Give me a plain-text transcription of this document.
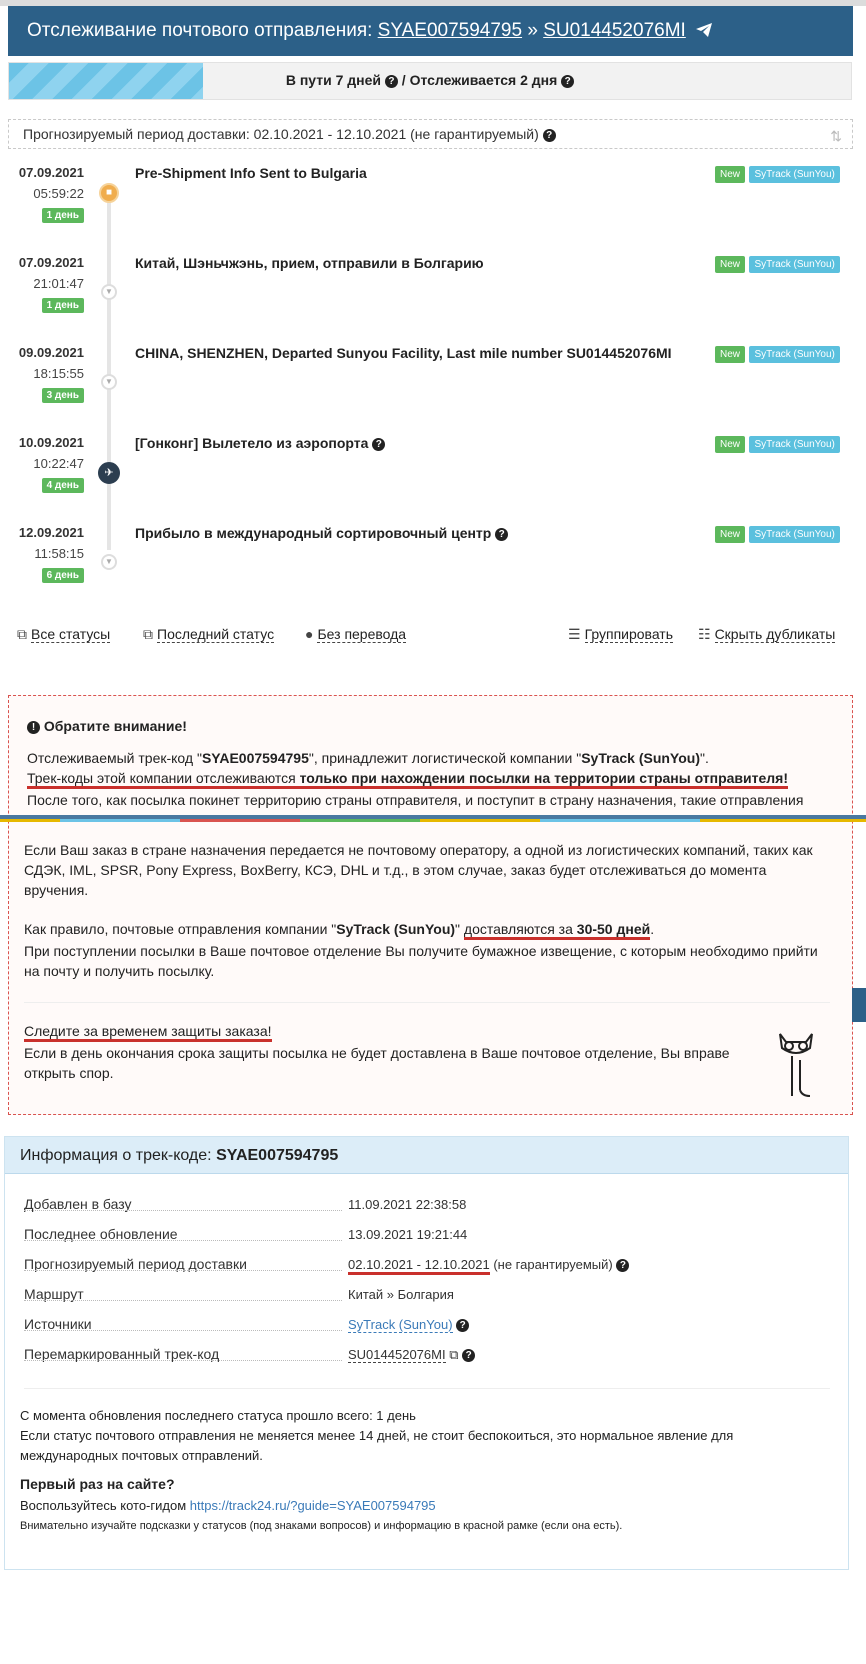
Отслеживание почтового отправления: SYAE007594795 » SU014452076MI
В пути 7 дней ? / Отслеживается 2 дня ?
Прогнозируемый период доставки: 02.10.2021 - 12.10.2021 (не гарантируемый) ?	⇅
07.09.2021
05:59:22
1 день
■
Pre-Shipment Info Sent to Bulgaria	New SyTrack (SunYou)
07.09.2021
21:01:47
1 день
▼
Китай, Шэньчжэнь, прием, отправили в Болгарию	New SyTrack (SunYou)
09.09.2021
18:15:55
3 день
▼
CHINA, SHENZHEN, Departed Sunyou Facility, Last mile number SU014452076MI	New SyTrack (SunYou)
10.09.2021
10:22:47
4 день
✈
[Гонконг] Вылетело из аэропорта ?	New SyTrack (SunYou)
12.09.2021
11:58:15
6 день
▼
Прибыло в международный сортировочный центр ?	New SyTrack (SunYou)
⧉ Все статусы ⧉ Последний статус ● Без перевода	☰ Группировать ☷ Скрыть дубликаты
! Обратите внимание!
Отслеживаемый трек-код "SYAE007594795", принадлежит логистической компании "SyTrack (SunYou)".
Трек-коды этой компании отслеживаются только при нахождении посылки на территории страны отправителя!
После того, как посылка покинет территорию страны отправителя, и поступит в страну назначения, такие отправления
Если Ваш заказ в стране назначения передается не почтовому оператору, а одной из логистических компаний, таких как СДЭК, IML, SPSR, Pony Express, BoxBerry, КСЭ, DHL и т.д., в этом случае, заказ будет отслеживаться до момента вручения.
Как правило, почтовые отправления компании "SyTrack (SunYou)" доставляются за 30-50 дней.
При поступлении посылки в Ваше почтовое отделение Вы получите бумажное извещение, с которым необходимо прийти на почту и получить посылку.
Следите за временем защиты заказа!
Если в день окончания срока защиты посылка не будет доставлена в Ваше почтовое отделение, Вы вправе открыть спор.
Информация о трек-коде: SYAE007594795
Добавлен в базу	11.09.2021 22:38:58
Последнее обновление	13.09.2021 19:21:44
Прогнозируемый период доставки	02.10.2021 - 12.10.2021 (не гарантируемый) ?
Маршрут	Китай » Болгария
Источники	SyTrack (SunYou) ?
Перемаркированный трек-код	SU014452076MI ⧉ ?
С момента обновления последнего статуса прошло всего: 1 день
Если статус почтового отправления не меняется менее 14 дней, не стоит беспокоиться, это нормальное явление для международных почтовых отправлений.
Первый раз на сайте?
Воспользуйтесь кото-гидом https://track24.ru/?guide=SYAE007594795
Внимательно изучайте подсказки у статусов (под знаками вопросов) и информацию в красной рамке (если она есть).
